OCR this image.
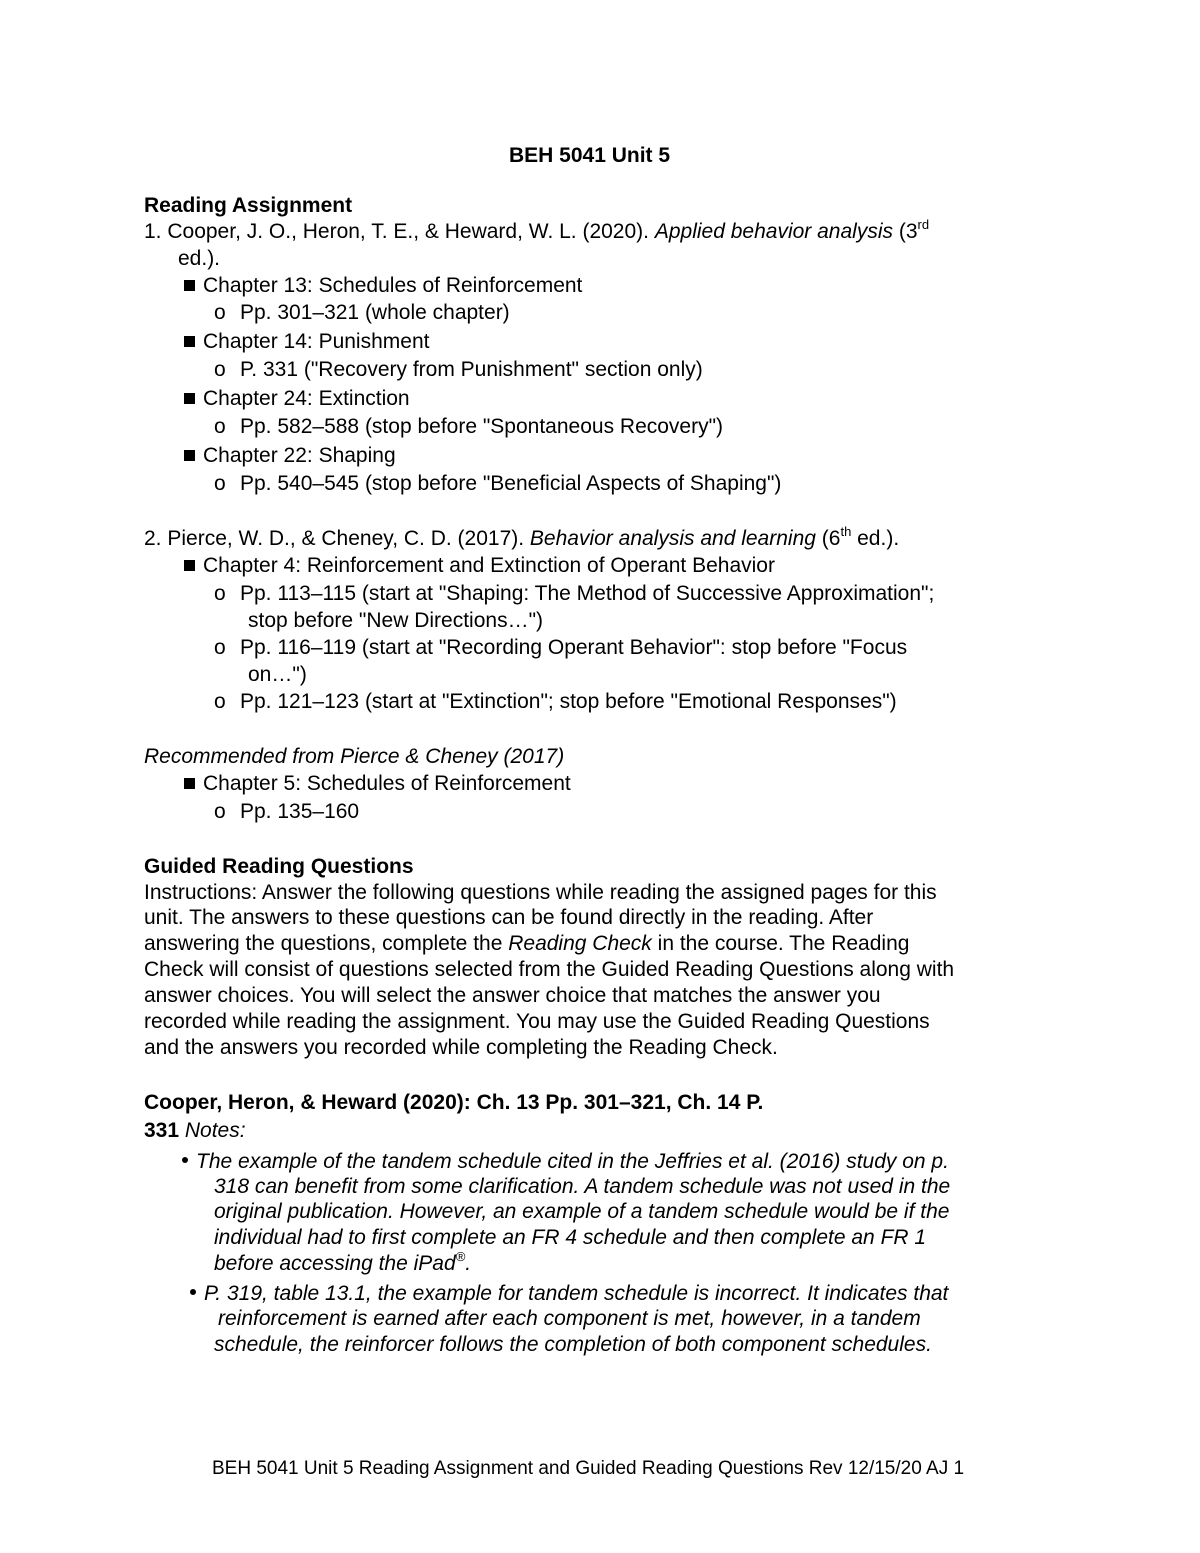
BEH 5041 Unit 5
Reading Assignment
1. Cooper, J. O., Heron, T. E., & Heward, W. L. (2020). Applied behavior analysis (3rd
ed.).
Chapter 13: Schedules of Reinforcement
o Pp. 301–321 (whole chapter)
Chapter 14: Punishment
o P. 331 ("Recovery from Punishment" section only)
Chapter 24: Extinction
o Pp. 582–588 (stop before "Spontaneous Recovery")
Chapter 22: Shaping
o Pp. 540–545 (stop before "Beneficial Aspects of Shaping")
2. Pierce, W. D., & Cheney, C. D. (2017). Behavior analysis and learning (6th ed.).
Chapter 4: Reinforcement and Extinction of Operant Behavior
o Pp. 113–115 (start at "Shaping: The Method of Successive Approximation";
stop before "New Directions…")
o Pp. 116–119 (start at "Recording Operant Behavior": stop before "Focus
on…")
o Pp. 121–123 (start at "Extinction"; stop before "Emotional Responses")
Recommended from Pierce & Cheney (2017)
Chapter 5: Schedules of Reinforcement
o Pp. 135–160
Guided Reading Questions
Instructions: Answer the following questions while reading the assigned pages for this
unit. The answers to these questions can be found directly in the reading. After
answering the questions, complete the Reading Check in the course. The Reading
Check will consist of questions selected from the Guided Reading Questions along with
answer choices. You will select the answer choice that matches the answer you
recorded while reading the assignment. You may use the Guided Reading Questions
and the answers you recorded while completing the Reading Check.
Cooper, Heron, & Heward (2020): Ch. 13 Pp. 301–321, Ch. 14 P.
331 Notes:
The example of the tandem schedule cited in the Jeffries et al. (2016) study on p.
318 can benefit from some clarification. A tandem schedule was not used in the
original publication. However, an example of a tandem schedule would be if the
individual had to first complete an FR 4 schedule and then complete an FR 1
before accessing the iPad®.
P. 319, table 13.1, the example for tandem schedule is incorrect. It indicates that
reinforcement is earned after each component is met, however, in a tandem
schedule, the reinforcer follows the completion of both component schedules.
BEH 5041 Unit 5 Reading Assignment and Guided Reading Questions Rev 12/15/20 AJ 1
